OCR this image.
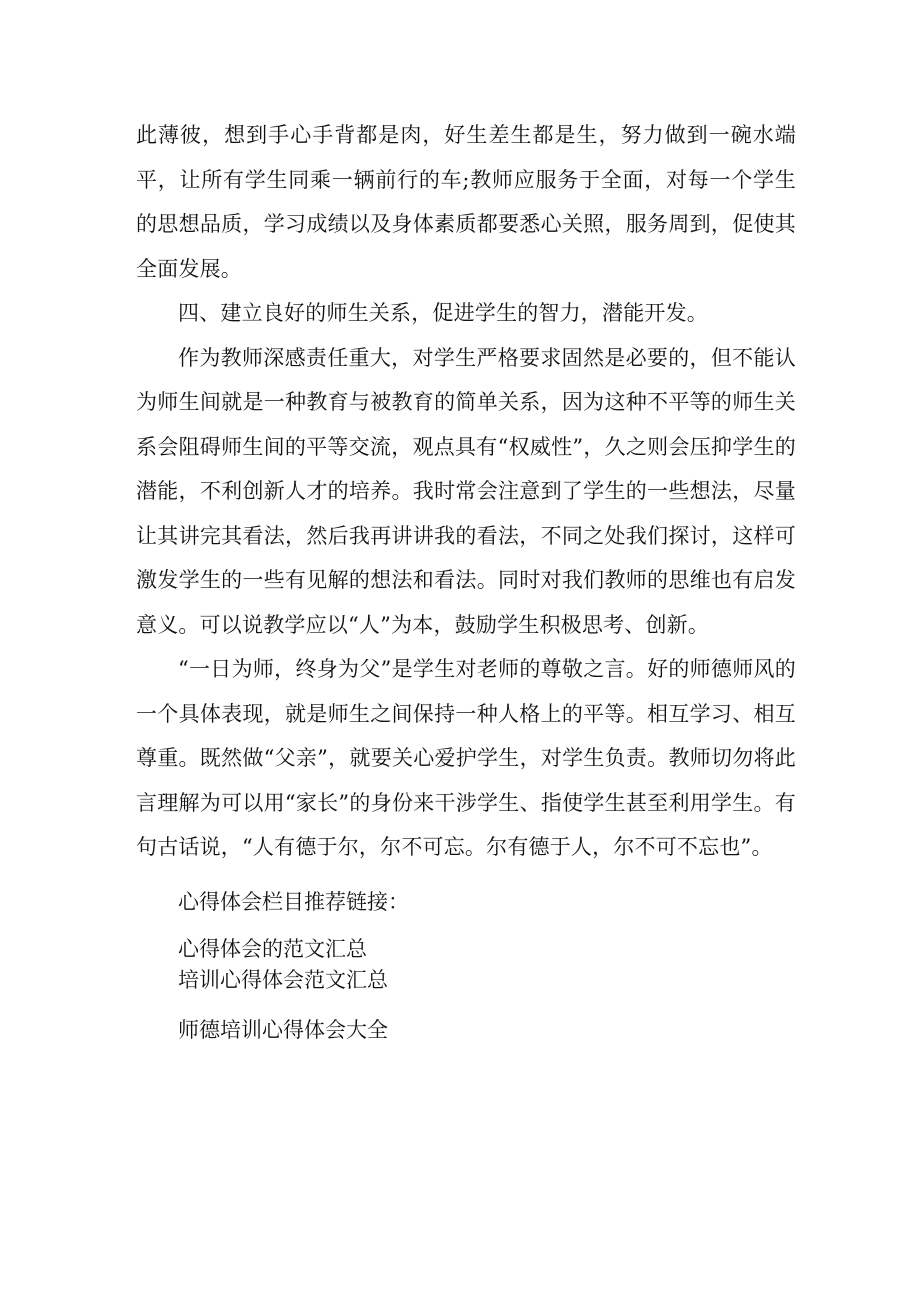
此薄彼，想到手心手背都是肉，好生差生都是生，努力做到一碗水端平，让所有学生同乘一辆前行的车;教师应服务于全面，对每一个学生的思想品质，学习成绩以及身体素质都要悉心关照，服务周到，促使其全面发展。

四、建立良好的师生关系，促进学生的智力，潜能开发。

作为教师深感责任重大，对学生严格要求固然是必要的，但不能认为师生间就是一种教育与被教育的简单关系，因为这种不平等的师生关系会阻碍师生间的平等交流，观点具有“权威性”，久之则会压抑学生的潜能，不利创新人才的培养。我时常会注意到了学生的一些想法，尽量让其讲完其看法，然后我再讲讲我的看法，不同之处我们探讨，这样可激发学生的一些有见解的想法和看法。同时对我们教师的思维也有启发意义。可以说教学应以“人”为本，鼓励学生积极思考、创新。

“一日为师，终身为父”是学生对老师的尊敬之言。好的师德师风的一个具体表现，就是师生之间保持一种人格上的平等。相互学习、相互尊重。既然做“父亲”，就要关心爱护学生，对学生负责。教师切勿将此言理解为可以用“家长”的身份来干涉学生、指使学生甚至利用学生。有句古话说，“人有德于尔，尔不可忘。尔有德于人，尔不可不忘也”。

心得体会栏目推荐链接：

心得体会的范文汇总
培训心得体会范文汇总
师德培训心得体会大全
